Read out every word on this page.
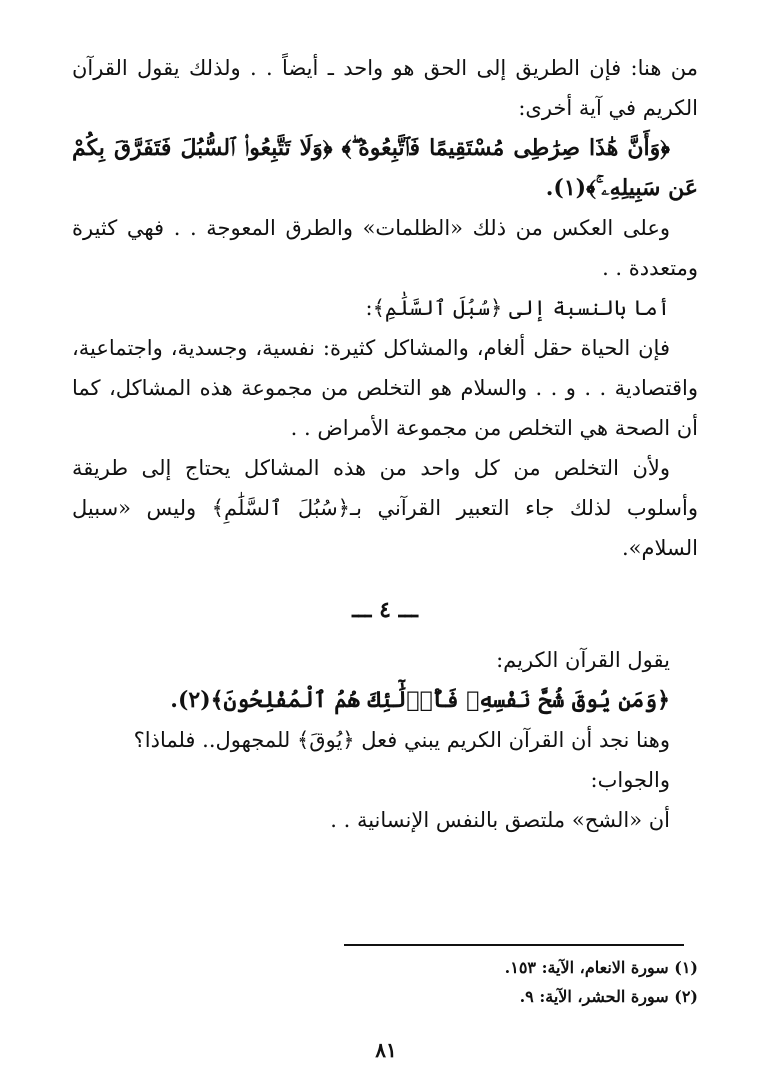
من هنا: فإن الطريق إلى الحق هو واحد ـ أيضاً . . ولذلك يقول القرآن الكريم في آية أخرى:

﴿وَأَنَّ هَٰذَا صِرَٰطِى مُسْتَقِيمًا فَٱتَّبِعُوهُ ۖ﴾ ﴿وَلَا تَتَّبِعُوا۟ ٱلسُّبُلَ فَتَفَرَّقَ بِكُمْ عَن سَبِيلِهِۦ ۚ﴾(١).

وعلى العكس من ذلك «الظلمات» والطرق المعوجة . . فهي كثيرة ومتعددة . .

أما بالنسبة إلى ﴿سُبُلَ ٱلسَّلَٰمِ﴾:

فإن الحياة حقل ألغام، والمشاكل كثيرة: نفسية، وجسدية، واجتماعية، واقتصادية . . و . . والسلام هو التخلص من مجموعة هذه المشاكل، كما أن الصحة هي التخلص من مجموعة الأمراض . .

ولأن التخلص من كل واحد من هذه المشاكل يحتاج إلى طريقة وأسلوب لذلك جاء التعبير القرآني بـ﴿سُبُلَ ٱلسَّلَٰمِ﴾ وليس «سبيل السلام».

ـــ ٤ ـــ

يقول القرآن الكريم:

﴿وَمَن يُوقَ شُحَّ نَفْسِهِۦ فَأُو۟لَٰٓئِكَ هُمُ ٱلْمُفْلِحُونَ﴾(٢).

وهنا نجد أن القرآن الكريم يبني فعل ﴿يُوقَ﴾ للمجهول.. فلماذا؟

والجواب:

أن «الشح» ملتصق بالنفس الإنسانية . .

(١) سورة الانعام، الآية: ١٥٣.
(٢) سورة الحشر، الآية: ٩.
٨١
